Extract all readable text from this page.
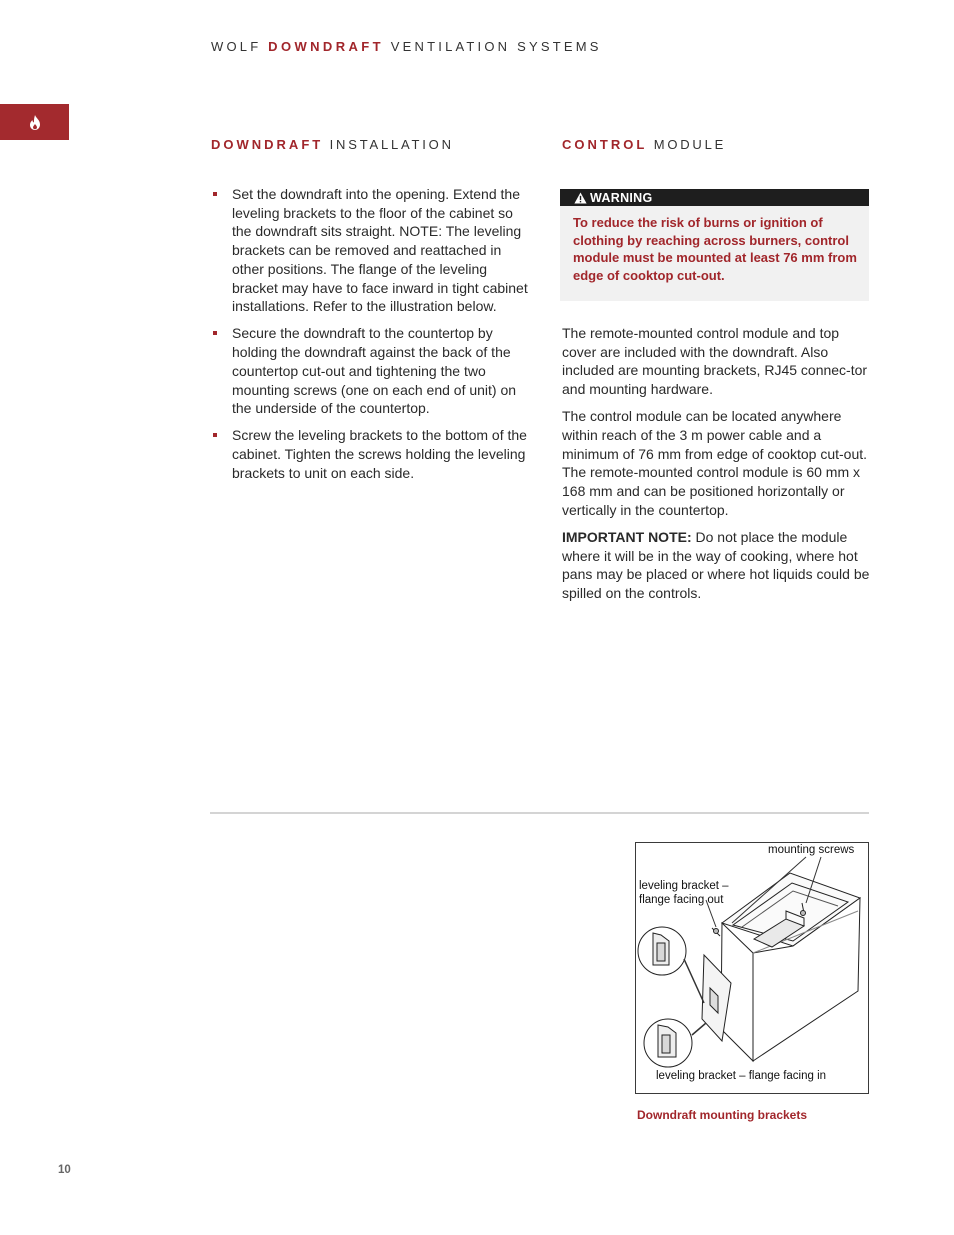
WOLF DOWNDRAFT VENTILATION SYSTEMS
DOWNDRAFT INSTALLATION	CONTROL MODULE
Set the downdraft into the opening. Extend the leveling brackets to the floor of the cabinet so the downdraft sits straight. NOTE: The leveling brackets can be removed and reattached in other positions. The flange of the leveling bracket may have to face inward in tight cabinet installations. Refer to the illustration below.
Secure the downdraft to the countertop by holding the downdraft against the back of the countertop cut-out and tightening the two mounting screws (one on each end of unit) on the underside of the countertop.
Screw the leveling brackets to the bottom of the cabinet. Tighten the screws holding the leveling brackets to unit on each side.
WARNING
To reduce the risk of burns or ignition of clothing by reaching across burners, control module must be mounted at least 76 mm from edge of cooktop cut-out.

The remote-mounted control module and top cover are included with the downdraft. Also included are mounting brackets, RJ45 connec-tor and mounting hardware.

The control module can be located anywhere within reach of the 3 m power cable and a minimum of 76 mm from edge of cooktop cut-out. The remote-mounted control module is 60 mm x 168 mm and can be positioned horizontally or vertically in the countertop.

IMPORTANT NOTE: Do not place the module where it will be in the way of cooking, where hot pans may be placed or where hot liquids could be spilled on the controls.

mounting screws
leveling bracket –
flange facing out
leveling bracket – flange facing in
Downdraft mounting brackets
10
